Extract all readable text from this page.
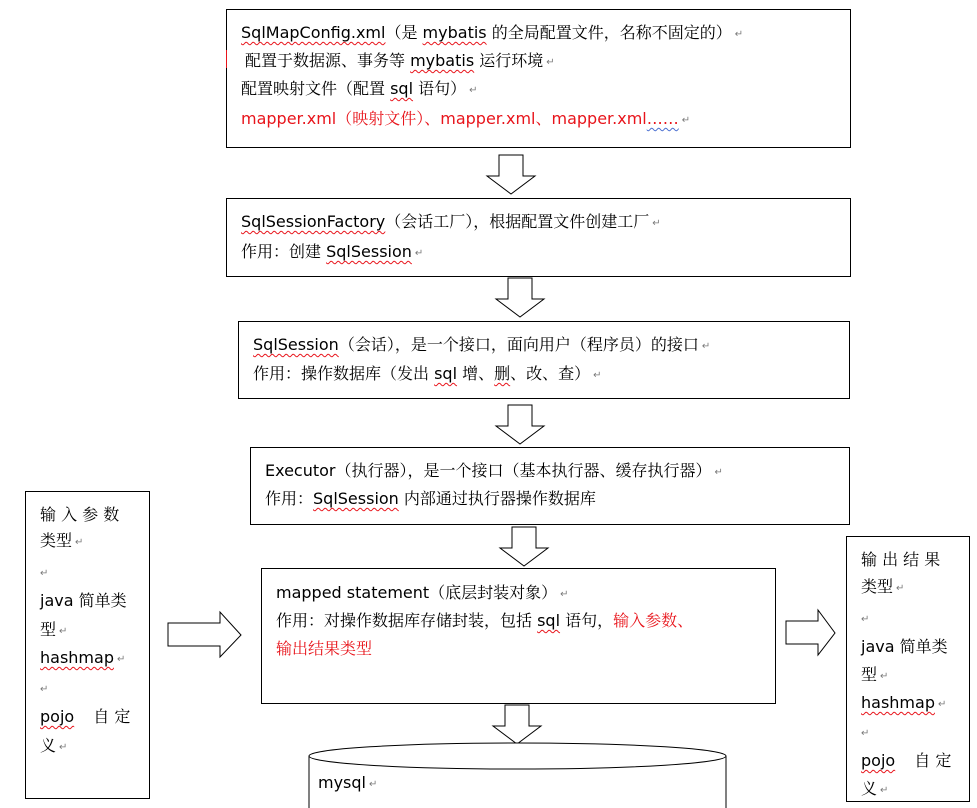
SqlMapConfig.xml（是 mybatis 的全局配置文件，名称不固定的） ↵
配置于数据源、事务等 mybatis 运行环境 ↵
配置映射文件（配置 sql 语句） ↵
mapper.xml（映射文件）、mapper.xml、mapper.xml…… ↵
SqlSessionFactory（会话工厂），根据配置文件创建工厂 ↵
作用：创建 SqlSession ↵
SqlSession（会话），是一个接口，面向用户（程序员）的接口 ↵
作用：操作数据库（发出 sql 增、删、改、查） ↵
Executor（执行器），是一个接口（基本执行器、缓存执行器） ↵
作用：SqlSession 内部通过执行器操作数据库
输 入 参 数
类型 ↵
↵
java 简单类
型 ↵
hashmap ↵
↵
pojo 自 定
义 ↵
mapped statement（底层封装对象） ↵
作用：对操作数据库存储封装，包括 sql 语句，输入参数、
输出结果类型
输 出 结 果
类型 ↵
↵
java 简单类
型 ↵
hashmap ↵
↵
pojo 自 定
义 ↵
mysql ↵
